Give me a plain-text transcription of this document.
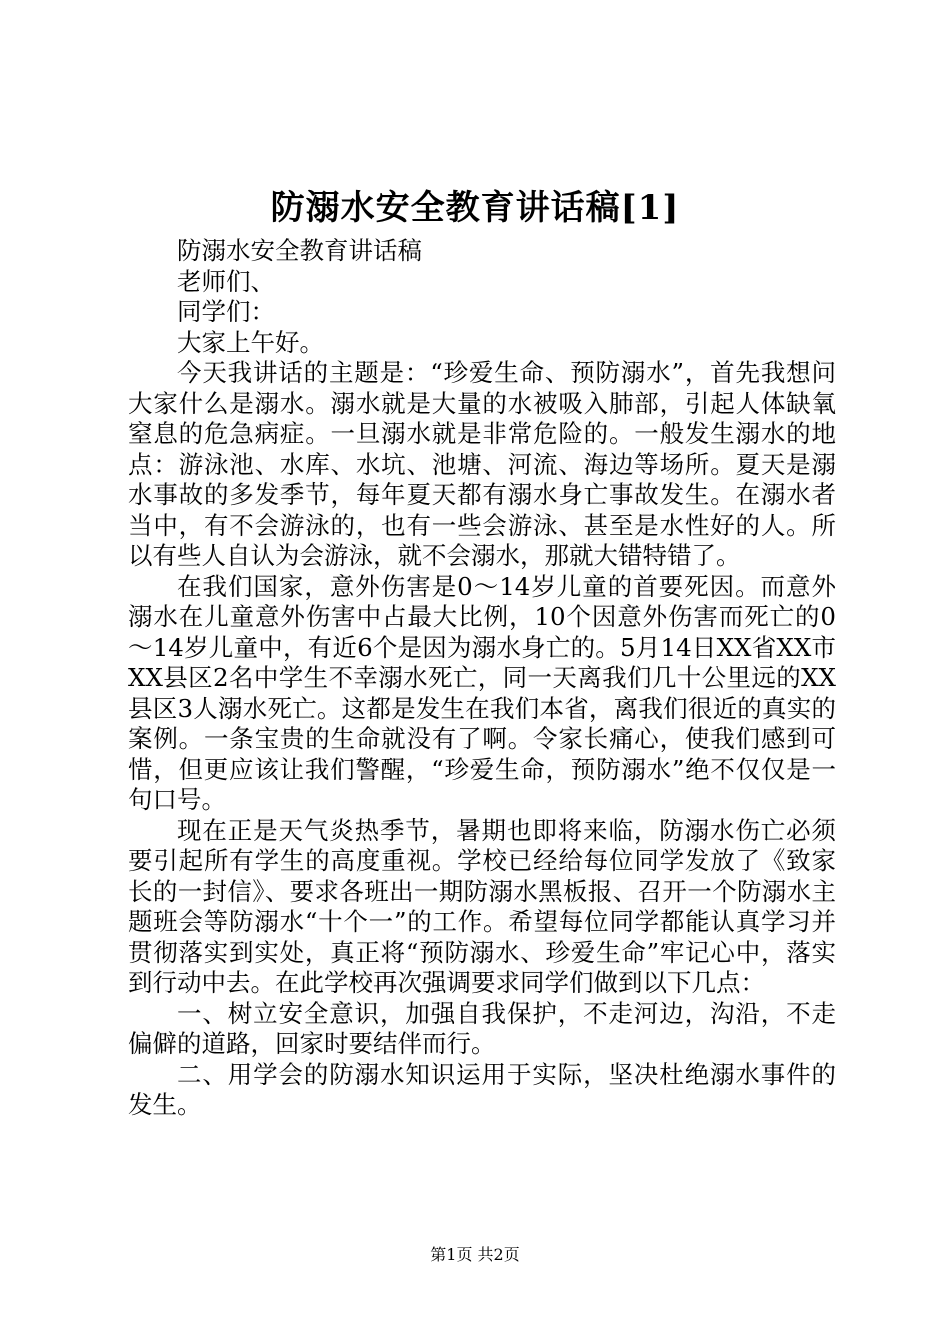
防溺水安全教育讲话稿[1]

防溺水安全教育讲话稿

老师们、

同学们：

大家上午好。

今天我讲话的主题是：“珍爱生命、预防溺水”，首先我想问大家什么是溺水。溺水就是大量的水被吸入肺部，引起人体缺氧窒息的危急病症。一旦溺水就是非常危险的。一般发生溺水的地点：游泳池、水库、水坑、池塘、河流、海边等场所。夏天是溺水事故的多发季节，每年夏天都有溺水身亡事故发生。在溺水者当中，有不会游泳的，也有一些会游泳、甚至是水性好的人。所以有些人自认为会游泳，就不会溺水，那就大错特错了。

在我们国家，意外伤害是0～14岁儿童的首要死因。而意外溺水在儿童意外伤害中占最大比例，10个因意外伤害而死亡的0～14岁儿童中，有近6个是因为溺水身亡的。5月14日XX省XX市XX县区2名中学生不幸溺水死亡，同一天离我们几十公里远的XX县区3人溺水死亡。这都是发生在我们本省，离我们很近的真实的案例。一条宝贵的生命就没有了啊。令家长痛心，使我们感到可惜，但更应该让我们警醒，“珍爱生命，预防溺水”绝不仅仅是一句口号。

现在正是天气炎热季节，暑期也即将来临，防溺水伤亡必须要引起所有学生的高度重视。学校已经给每位同学发放了《致家长的一封信》、要求各班出一期防溺水黑板报、召开一个防溺水主题班会等防溺水“十个一”的工作。希望每位同学都能认真学习并贯彻落实到实处，真正将“预防溺水、珍爱生命”牢记心中，落实到行动中去。在此学校再次强调要求同学们做到以下几点：

一、树立安全意识，加强自我保护，不走河边，沟沿，不走偏僻的道路，回家时要结伴而行。

二、用学会的防溺水知识运用于实际，坚决杜绝溺水事件的发生。

第1页 共2页
